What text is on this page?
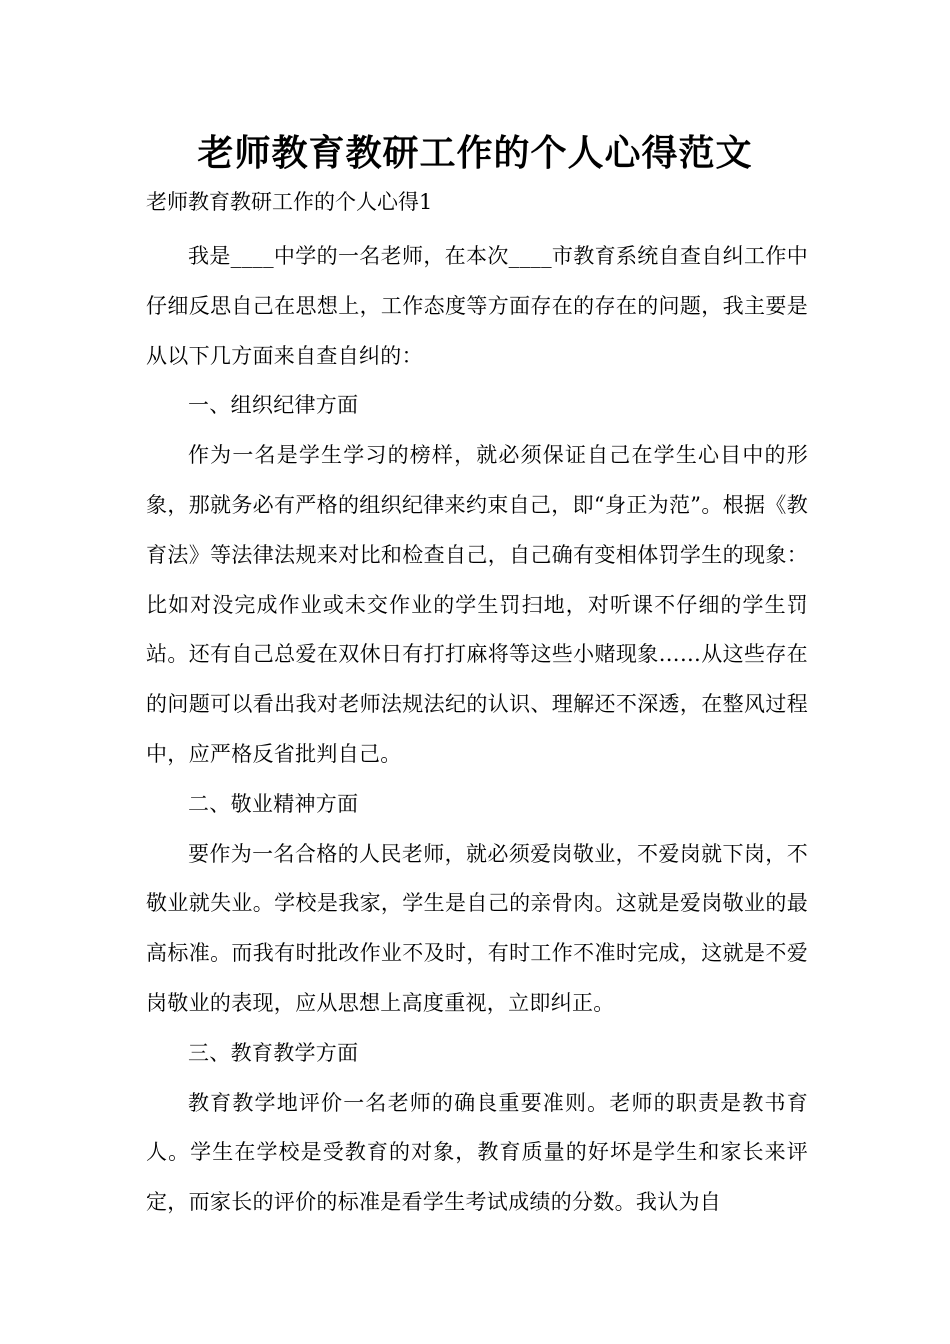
老师教育教研工作的个人心得范文
老师教育教研工作的个人心得1

我是____中学的一名老师，在本次____市教育系统自查自纠工作中仔细反思自己在思想上，工作态度等方面存在的存在的问题，我主要是从以下几方面来自查自纠的：

一、组织纪律方面

作为一名是学生学习的榜样，就必须保证自己在学生心目中的形象，那就务必有严格的组织纪律来约束自己，即“身正为范”。根据《教育法》等法律法规来对比和检查自己，自己确有变相体罚学生的现象：比如对没完成作业或未交作业的学生罚扫地，对听课不仔细的学生罚站。还有自己总爱在双休日有打打麻将等这些小赌现象……从这些存在的问题可以看出我对老师法规法纪的认识、理解还不深透，在整风过程中，应严格反省批判自己。

二、敬业精神方面

要作为一名合格的人民老师，就必须爱岗敬业，不爱岗就下岗，不敬业就失业。学校是我家，学生是自己的亲骨肉。这就是爱岗敬业的最高标准。而我有时批改作业不及时，有时工作不准时完成，这就是不爱岗敬业的表现，应从思想上高度重视，立即纠正。

三、教育教学方面

教育教学地评价一名老师的确良重要准则。老师的职责是教书育人。学生在学校是受教育的对象，教育质量的好坏是学生和家长来评定，而家长的评价的标准是看学生考试成绩的分数。我认为自
